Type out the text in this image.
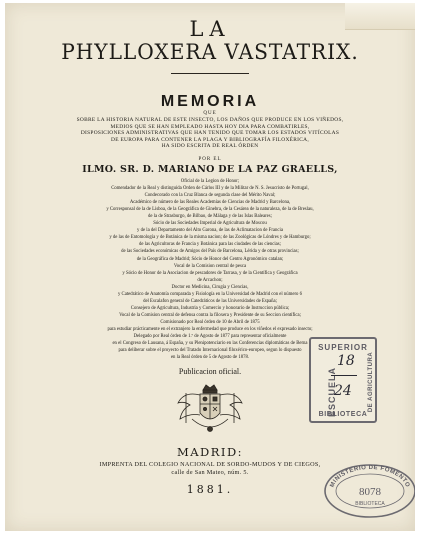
LA
PHYLLOXERA VASTATRIX.
MEMORIA
QUE
SOBRE LA HISTORIA NATURAL DE ESTE INSECTO, LOS DAÑOS QUE PRODUCE EN LOS VIÑEDOS,
MEDIOS QUE SE HAN EMPLEADO HASTA HOY DIA PARA COMBATIRLES,
DISPOSICIONES ADMINISTRATIVAS QUE HAN TENIDO QUE TOMAR LOS ESTADOS VITÍCOLAS
DE EUROPA PARA CONTENER LA PLAGA Y BIBLIOGRAFÍA FILOXÉRICA,
HA SIDO ESCRITA DE REAL ÓRDEN
POR EL
ILMO. SR. D. MARIANO DE LA PAZ GRAELLS,
Oficial de la Legion de Honor;
Comendador de la Real y distinguida Orden de Cárlos III y de la Militar de N. S. Jesucristo de Portugal,
Condecorado con la Cruz Blanca de segunda clase del Mérito Naval;
Académico de número de las Reales Academias de Ciencias de Madrid y Barcelona,
y Corresponsal de la de Lisboa, de la Geográfica de Ginebra, de la Cesárea de la naturaleza, de la de Breslau,
de la de Strasburgo, de Bilbao, de Málaga y de las Islas Baleares;
Sócio de las Sociedades Imperial de Agricultura de Moscou
y de la del Departamento del Alto Garona, de las de Aclimatacion de Francia
y de las de Entomología y de Botánica de la misma nacion; de las Zoológicas de Lóndres y de Hamburgo;
de las Agricultoras de Francia y Botánica para las ciudades de las ciencias;
de las Sociedades económicas de Amigos del País de Barcelona, Lérida y de otras provincias;
de la Geográfica de Madrid; Sócio de Honor del Centro Agronómico catalan;
Vocal de la Comision central de pesca
y Sócio de Honor de la Asociacion de pescadores de Tarrasa, y de la Científica y Geográfica
de Arcachon;
Doctor en Medicina, Cirugía y Ciencias,
y Catedrático de Anatomía comparada y Fisiología en la Universidad de Madrid con el número 6
del Escalafon general de Catedráticos de las Universidades de España;
Consejero de Agricultura, Industria y Comercio y honorario de Instruccion pública;
Vocal de la Comision central de defensa contra la filoxera y Presidente de su Seccion científica;
Comisionado por Real órden de 10 de Abril de 1875
para estudiar prácticamente en el extranjero la enfermedad que produce en los viñedos el expresado insecto;
Delegado por Real órden de 1.º de Agosto de 1877 para representar oficialmente
en el Congreso de Lausana, á España, y su Plenipotenciario en las Conferencias diplomáticas de Berna
para deliberar sobre el proyecto del Tratado Internacional filoxérico-europeo, segun lo dispuesto
en la Real órden de 5 de Agosto de 1878.
Publicacion oficial.
MADRID:
IMPRENTA DEL COLEGIO NACIONAL DE SORDO-MUDOS Y DE CIEGOS,
calle de San Mateo, núm. 5.
1881.
SUPERIOR
ESCUELA	DE AGRICULTURA
18
24
BIBLIOTECA
MINISTERIO DE FOMENTO
8078
BIBLIOTECA
